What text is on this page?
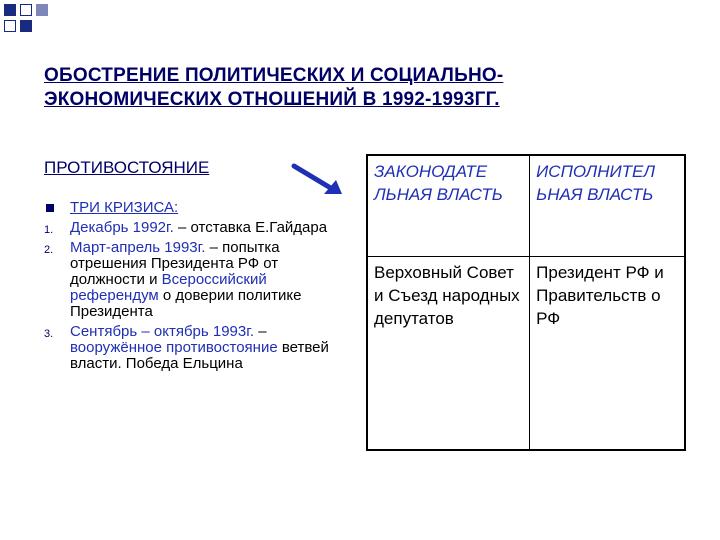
ОБОСТРЕНИЕ ПОЛИТИЧЕСКИХ И СОЦИАЛЬНО-
ЭКОНОМИЧЕСКИХ ОТНОШЕНИЙ В 1992-1993ГГ.
ПРОТИВОСТОЯНИЕ
ТРИ КРИЗИСА:
1. Декабрь 1992г. – отставка Е.Гайдара
2. Март-апрель 1993г. – попытка отрешения Президента РФ от должности и Всероссийский референдум о доверии политике Президента
3. Сентябрь – октябрь 1993г. – вооружённое противостояние ветвей власти. Победа Ельцина
ЗАКОНОДАТЕ ЛЬНАЯ ВЛАСТЬ	ИСПОЛНИТЕЛ ЬНАЯ ВЛАСТЬ
Верховный Совет и Съезд народных депутатов	Президент РФ и Правительств о РФ
